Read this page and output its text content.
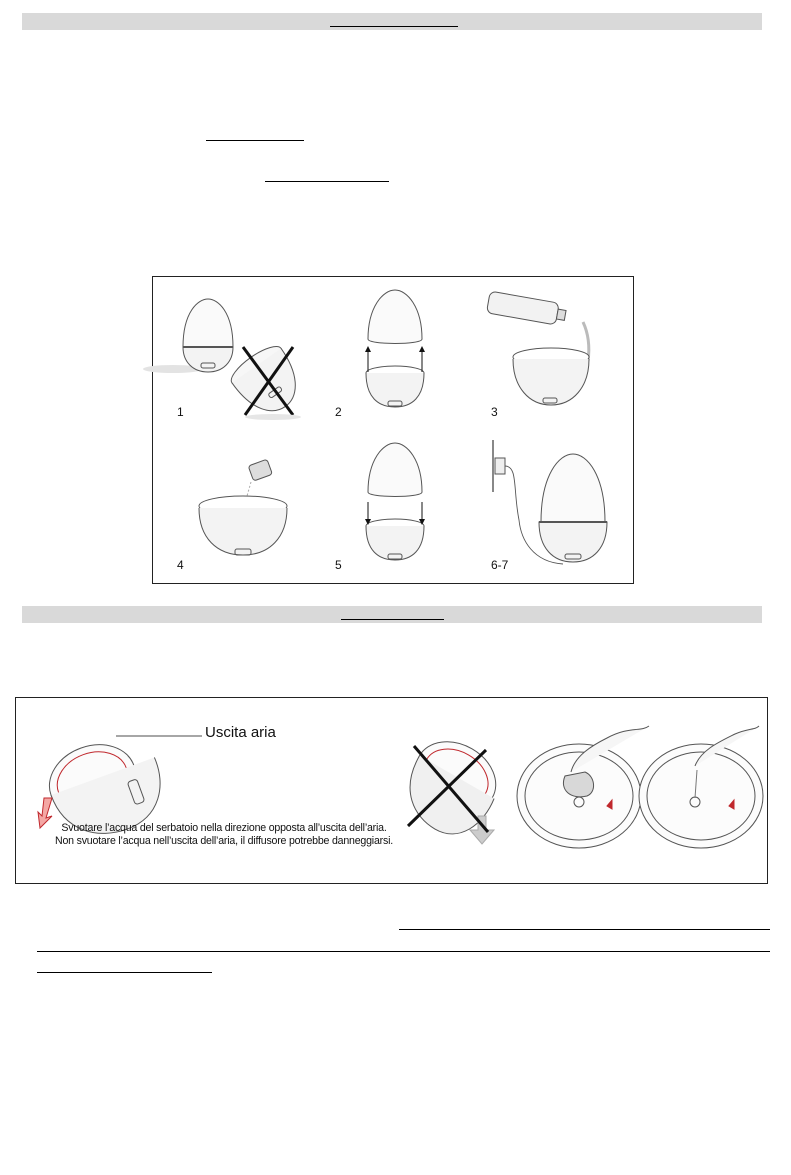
1	2	3
4	5	6-7
Uscita aria
Svuotare l’acqua del serbatoio nella direzione opposta all’uscita dell’aria.
Non svuotare l’acqua nell’uscita dell’aria, il diffusore potrebbe danneggiarsi.
